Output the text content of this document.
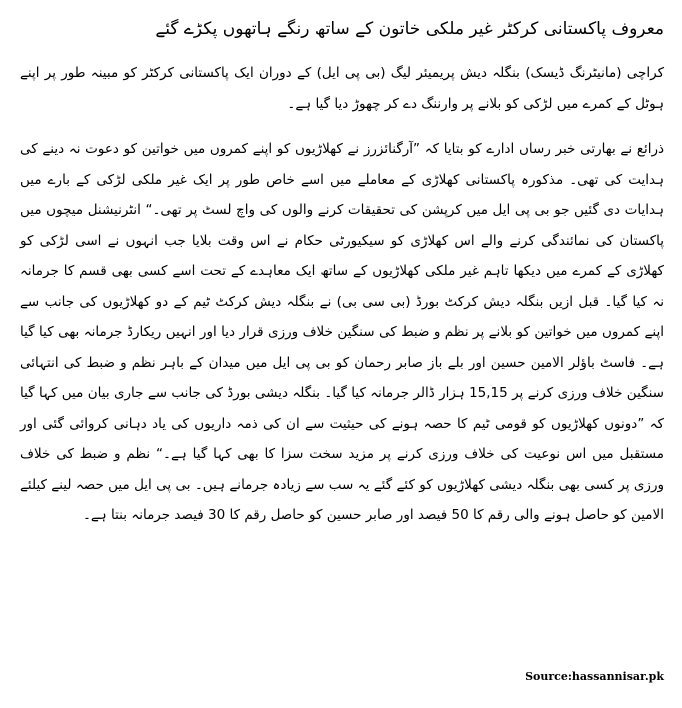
معروف پاکستانی کرکٹر غیر ملکی خاتون کے ساتھ رنگے ہاتھوں پکڑے گئے

کراچی (مانیٹرنگ ڈیسک) بنگلہ دیش پریمیئر لیگ (بی پی ایل) کے دوران ایک پاکستانی کرکٹر کو مبینہ طور پر اپنے ہوٹل کے کمرے میں لڑکی کو بلانے پر وارننگ دے کر چھوڑ دیا گیا ہے۔

ذرائع نے بھارتی خبر رساں ادارے کو بتایا کہ ”آرگنائزرز نے کھلاڑیوں کو اپنے کمروں میں خواتین کو دعوت نہ دینے کی ہدایت کی تھی۔ مذکورہ پاکستانی کھلاڑی کے معاملے میں اسے خاص طور پر ایک غیر ملکی لڑکی کے بارے میں ہدایات دی گئیں جو بی پی ایل میں کرپشن کی تحقیقات کرنے والوں کی واچ لسٹ پر تھی۔“ انٹرنیشنل میچوں میں پاکستان کی نمائندگی کرنے والے اس کھلاڑی کو سیکیورٹی حکام نے اس وقت بلایا جب انہوں نے اسی لڑکی کو کھلاڑی کے کمرے میں دیکھا تاہم غیر ملکی کھلاڑیوں کے ساتھ ایک معاہدے کے تحت اسے کسی بھی قسم کا جرمانہ نہ کیا گیا۔ قبل ازیں بنگلہ دیش کرکٹ بورڈ (بی سی بی) نے بنگلہ دیش کرکٹ ٹیم کے دو کھلاڑیوں کی جانب سے اپنے کمروں میں خواتین کو بلانے پر نظم و ضبط کی سنگین خلاف ورزی قرار دیا اور انہیں ریکارڈ جرمانہ بھی کیا گیا ہے۔ فاسٹ باؤلر الامین حسین اور بلے باز صابر رحمان کو بی پی ایل میں میدان کے باہر نظم و ضبط کی انتہائی سنگین خلاف ورزی کرنے پر 15,15 ہزار ڈالر جرمانہ کیا گیا۔ بنگلہ دیشی بورڈ کی جانب سے جاری بیان میں کہا گیا کہ ”دونوں کھلاڑیوں کو قومی ٹیم کا حصہ ہونے کی حیثیت سے ان کی ذمہ داریوں کی یاد دہانی کروائی گئی اور مستقبل میں اس نوعیت کی خلاف ورزی کرنے پر مزید سخت سزا کا بھی کہا گیا ہے۔“ نظم و ضبط کی خلاف ورزی پر کسی بھی بنگلہ دیشی کھلاڑیوں کو کئے گئے یہ سب سے زیادہ جرمانے ہیں۔ بی پی ایل میں حصہ لینے کیلئے الامین کو حاصل ہونے والی رقم کا 50 فیصد اور صابر حسین کو حاصل رقم کا 30 فیصد جرمانہ بنتا ہے۔

Source:hassannisar.pk
